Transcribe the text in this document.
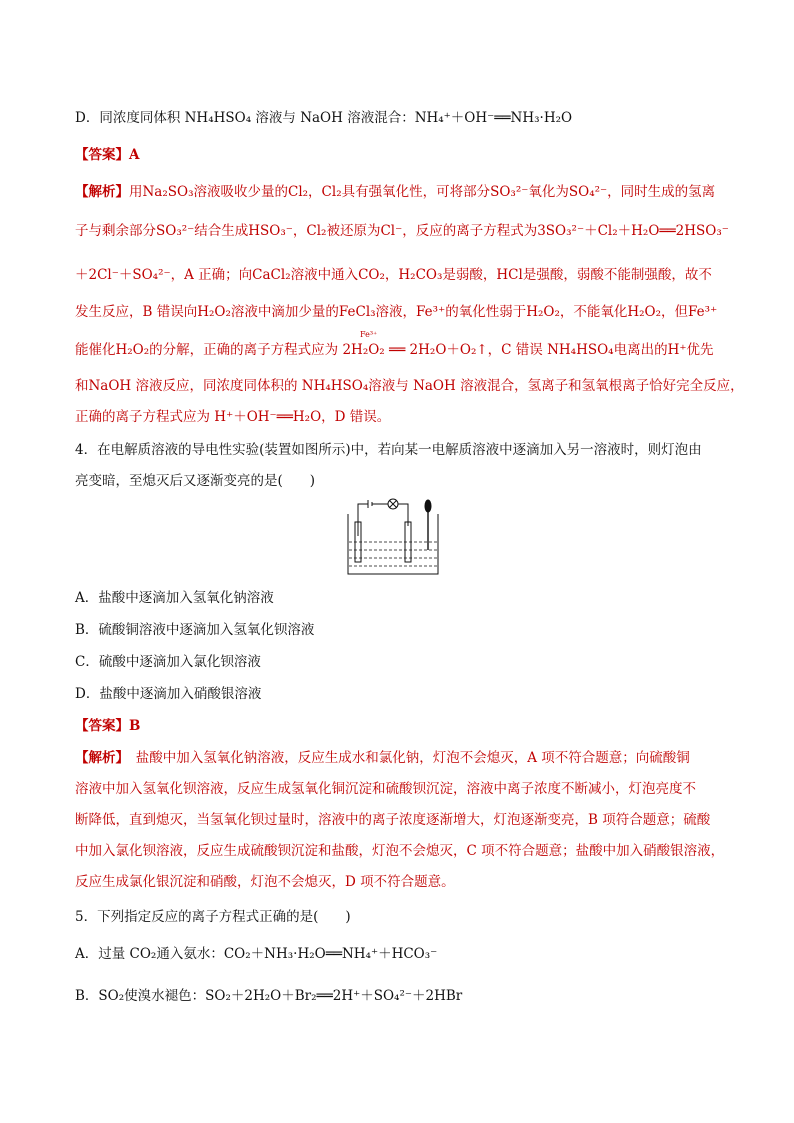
D．同浓度同体积 NH₄HSO₄ 溶液与 NaOH 溶液混合：NH₄⁺＋OH⁻══NH₃·H₂O
【答案】A
【解析】用Na₂SO₃溶液吸收少量的Cl₂，Cl₂具有强氧化性，可将部分SO₃²⁻氧化为SO₄²⁻，同时生成的氢离
子与剩余部分SO₃²⁻结合生成HSO₃⁻，Cl₂被还原为Cl⁻，反应的离子方程式为3SO₃²⁻＋Cl₂＋H₂O══2HSO₃⁻
＋2Cl⁻＋SO₄²⁻，A 正确；向CaCl₂溶液中通入CO₂，H₂CO₃是弱酸，HCl是强酸，弱酸不能制强酸，故不
发生反应，B 错误向H₂O₂溶液中滴加少量的FeCl₃溶液，Fe³⁺的氧化性弱于H₂O₂，不能氧化H₂O₂，但Fe³⁺
能催化H₂O₂的分解，正确的离子方程式应为 2H₂O₂ ══ 2H₂O＋O₂↑，C 错误 NH₄HSO₄电离出的H⁺优先
和NaOH 溶液反应，同浓度同体积的 NH₄HSO₄溶液与 NaOH 溶液混合，氢离子和氢氧根离子恰好完全反应，
正确的离子方程式应为 H⁺＋OH⁻══H₂O，D 错误。
Fe³⁺
4．在电解质溶液的导电性实验(装置如图所示)中，若向某一电解质溶液中逐滴加入另一溶液时，则灯泡由
亮变暗，至熄灭后又逐渐变亮的是(　　)
A．盐酸中逐滴加入氢氧化钠溶液
B．硫酸铜溶液中逐滴加入氢氧化钡溶液
C．硫酸中逐滴加入氯化钡溶液
D．盐酸中逐滴加入硝酸银溶液
【答案】B
【解析】　盐酸中加入氢氧化钠溶液，反应生成水和氯化钠，灯泡不会熄灭，A 项不符合题意；向硫酸铜
溶液中加入氢氧化钡溶液，反应生成氢氧化铜沉淀和硫酸钡沉淀，溶液中离子浓度不断减小，灯泡亮度不
断降低，直到熄灭，当氢氧化钡过量时，溶液中的离子浓度逐渐增大，灯泡逐渐变亮，B 项符合题意；硫酸
中加入氯化钡溶液，反应生成硫酸钡沉淀和盐酸，灯泡不会熄灭，C 项不符合题意；盐酸中加入硝酸银溶液，
反应生成氯化银沉淀和硝酸，灯泡不会熄灭，D 项不符合题意。
5．下列指定反应的离子方程式正确的是(　　)
A．过量 CO₂通入氨水：CO₂＋NH₃·H₂O══NH₄⁺＋HCO₃⁻
B．SO₂使溴水褪色：SO₂＋2H₂O＋Br₂══2H⁺＋SO₄²⁻＋2HBr
